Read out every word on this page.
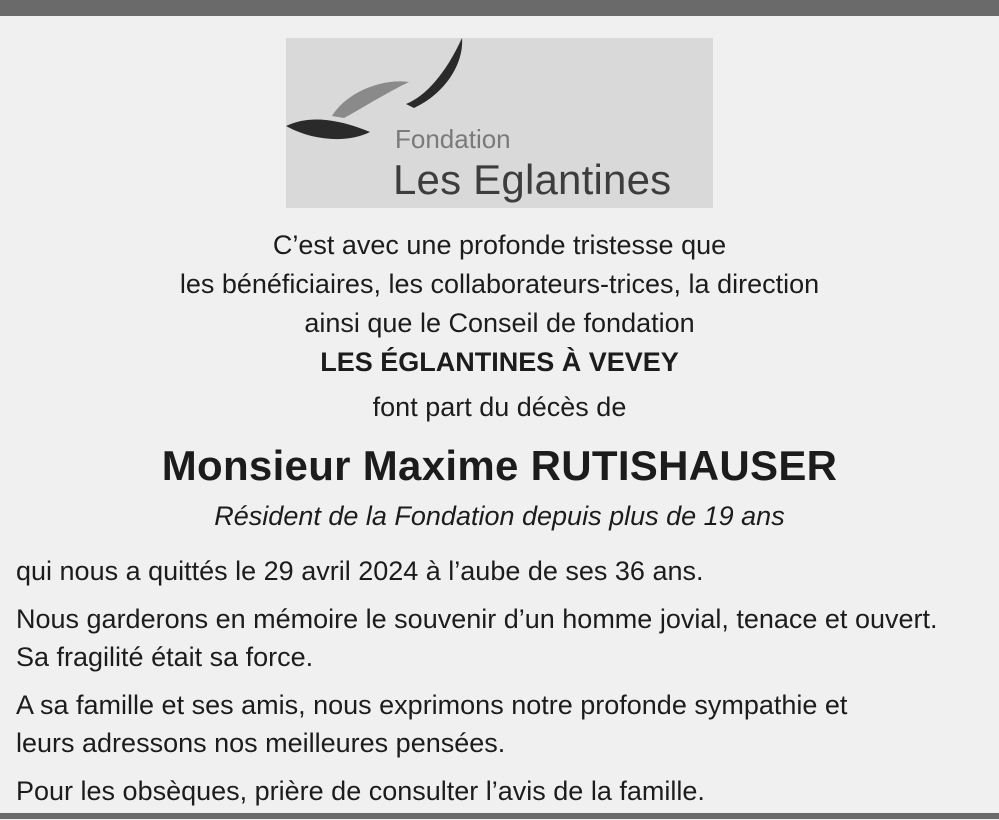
Fondation
Les Eglantines
C’est avec une profonde tristesse que
les bénéficiaires, les collaborateurs-trices, la direction
ainsi que le Conseil de fondation
LES ÉGLANTINES À VEVEY
font part du décès de
Monsieur Maxime RUTISHAUSER
Résident de la Fondation depuis plus de 19 ans

qui nous a quittés le 29 avril 2024 à l’aube de ses 36 ans.

Nous garderons en mémoire le souvenir d’un homme jovial, tenace et ouvert.
Sa fragilité était sa force.

A sa famille et ses amis, nous exprimons notre profonde sympathie et
leurs adressons nos meilleures pensées.

Pour les obsèques, prière de consulter l’avis de la famille.
